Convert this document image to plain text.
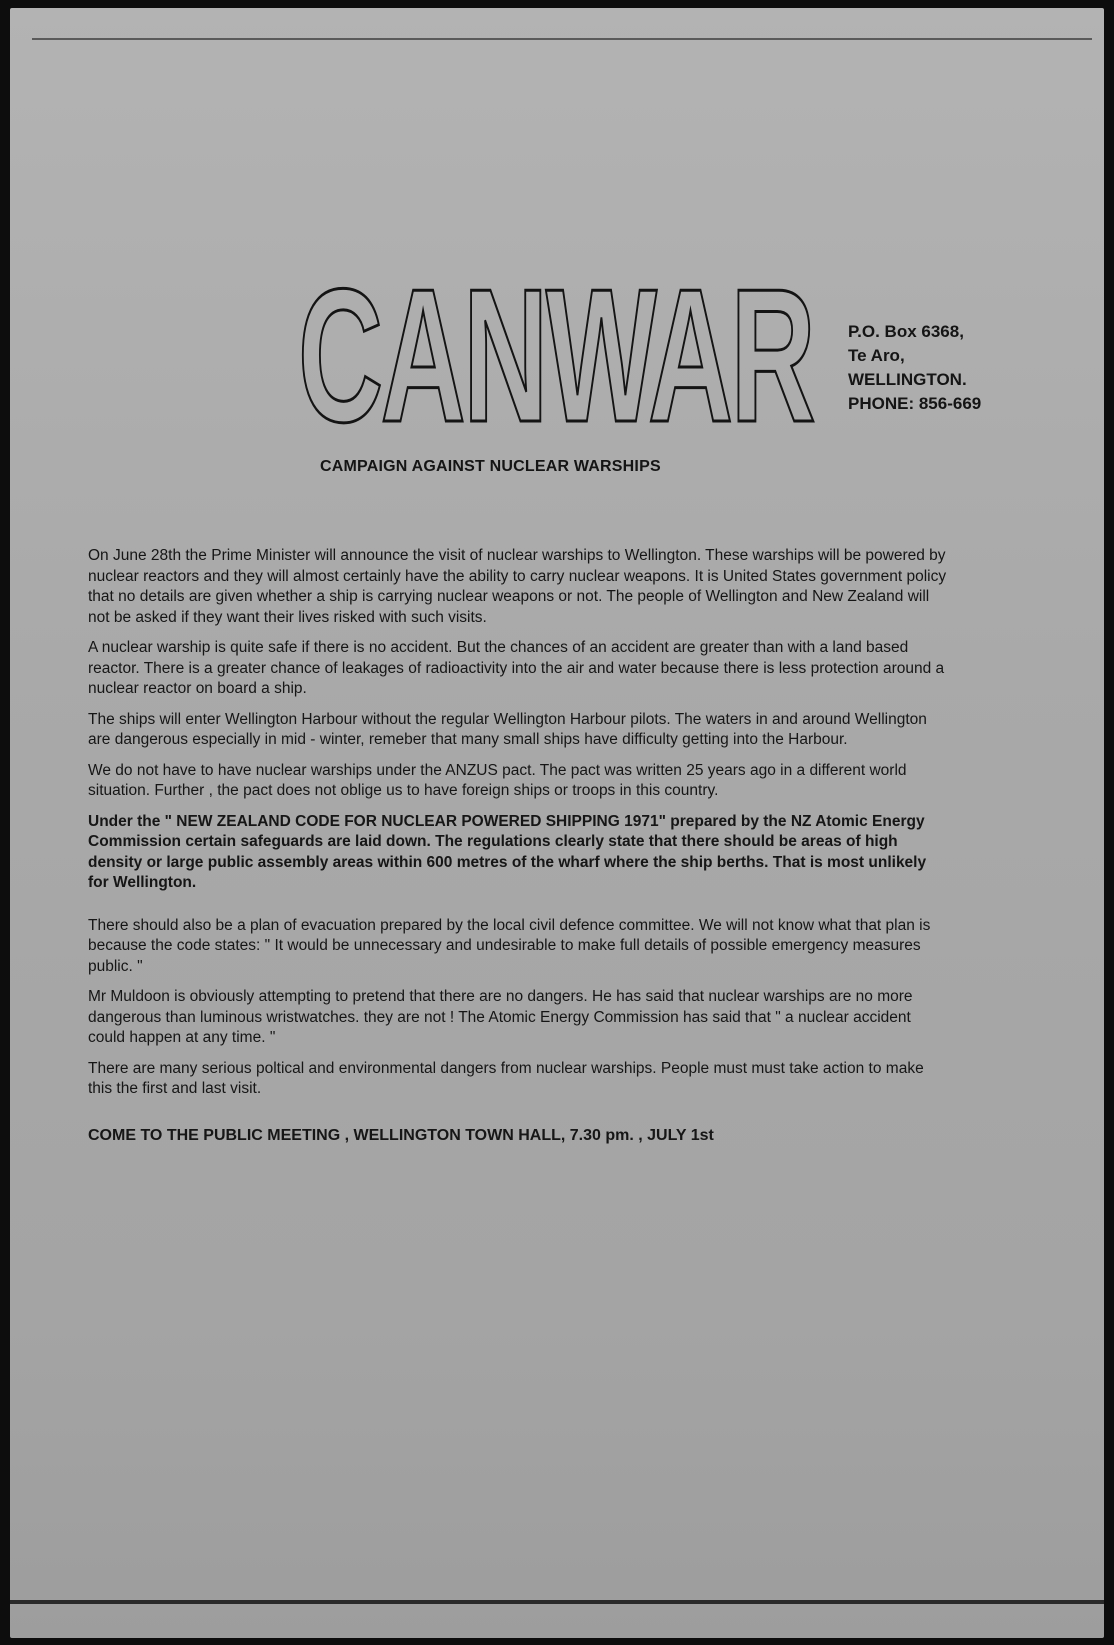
CANWAR P.O. Box 6368,
Te Aro,
WELLINGTON.
PHONE: 856-669
CAMPAIGN AGAINST NUCLEAR WARSHIPS

On June 28th the Prime Minister will announce the visit of nuclear warships to Wellington. These warships will be powered by nuclear reactors and they will almost certainly have the ability to carry nuclear weapons. It is United States government policy that no details are given whether a ship is carrying nuclear weapons or not. The people of Wellington and New Zealand will not be asked if they want their lives risked with such visits.

A nuclear warship is quite safe if there is no accident. But the chances of an accident are greater than with a land based reactor. There is a greater chance of leakages of radioactivity into the air and water because there is less protection around a nuclear reactor on board a ship.

The ships will enter Wellington Harbour without the regular Wellington Harbour pilots. The waters in and around Wellington are dangerous especially in mid - winter, remeber that many small ships have difficulty getting into the Harbour.

We do not have to have nuclear warships under the ANZUS pact. The pact was written 25 years ago in a different world situation. Further , the pact does not oblige us to have foreign ships or troops in this country.

Under the " NEW ZEALAND CODE FOR NUCLEAR POWERED SHIPPING 1971" prepared by the NZ Atomic Energy Commission certain safeguards are laid down. The regulations clearly state that there should be areas of high density or large public assembly areas within 600 metres of the wharf where the ship berths. That is most unlikely for Wellington.

There should also be a plan of evacuation prepared by the local civil defence committee. We will not know what that plan is because the code states: " It would be unnecessary and undesirable to make full details of possible emergency measures public. "

Mr Muldoon is obviously attempting to pretend that there are no dangers. He has said that nuclear warships are no more dangerous than luminous wristwatches. they are not ! The Atomic Energy Commission has said that " a nuclear accident could happen at any time. "

There are many serious poltical and environmental dangers from nuclear warships. People must must take action to make this the first and last visit.

COME TO THE PUBLIC MEETING , WELLINGTON TOWN HALL, 7.30 pm. , JULY 1st
